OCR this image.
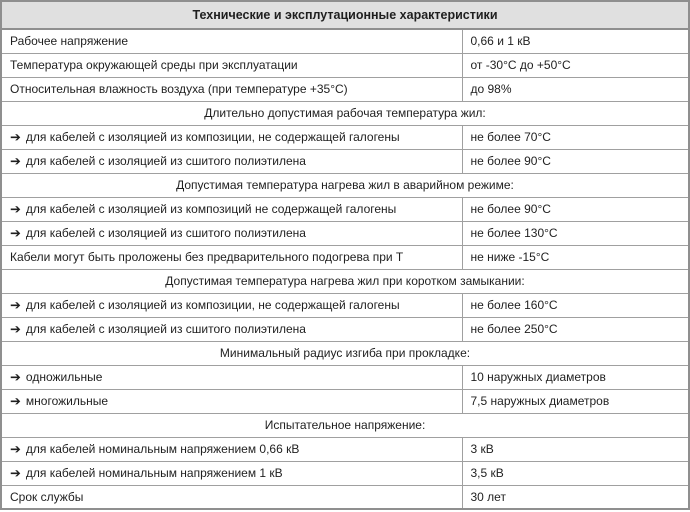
Технические и эксплутационные характеристики	
Рабочее напряжение	0,66 и 1 кВ
Температура окружающей среды при эксплуатации	от -30°С до +50°С
Относительная влажность воздуха (при температуре +35°С)	до 98%
Длительно допустимая рабочая температура жил:	
➔ для кабелей с изоляцией из композиции, не содержащей галогены	не более 70°С
➔ для кабелей с изоляцией из сшитого полиэтилена	не более 90°С
Допустимая температура нагрева жил в аварийном режиме:	
➔ для кабелей с изоляцией из композиций не содержащей галогены	не более 90°С
➔ для кабелей с изоляцией из сшитого полиэтилена	не более 130°С
Кабели могут быть проложены без предварительного подогрева при Т	не ниже -15°С
Допустимая температура нагрева жил при коротком замыкании:	
➔ для кабелей с изоляцией из композиции, не содержащей галогены	не более 160°С
➔ для кабелей с изоляцией из сшитого полиэтилена	не более 250°С
Минимальный радиус изгиба при прокладке:	
➔ одножильные	10 наружных диаметров
➔ многожильные	7,5 наружных диаметров
Испытательное напряжение:	
➔ для кабелей номинальным напряжением 0,66 кВ	3 кВ
➔ для кабелей номинальным напряжением 1 кВ	3,5 кВ
Срок службы	30 лет
